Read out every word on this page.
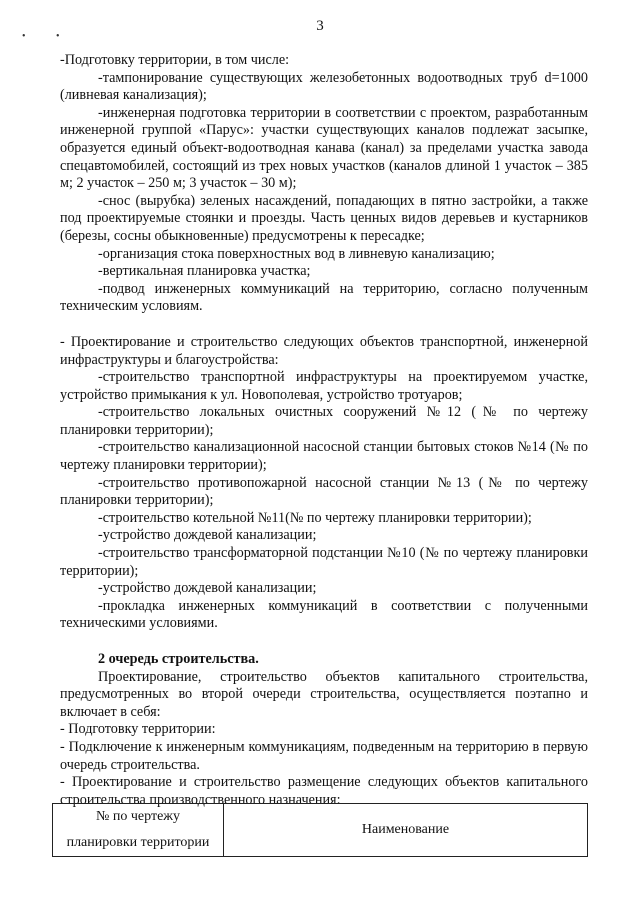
• •
3

-Подготовку территории, в том числе:

-тампонирование существующих железобетонных водоотводных труб d=1000 (ливневая канализация);

-инженерная подготовка территории в соответствии с проектом, разработанным инженерной группой «Парус»: участки существующих каналов подлежат засыпке, образуется единый объект-водоотводная канава (канал) за пределами участка завода спецавтомобилей, состоящий из трех новых участков (каналов длиной 1 участок – 385 м; 2 участок – 250 м; 3 участок – 30 м);

-снос (вырубка) зеленых насаждений, попадающих в пятно застройки, а также под проектируемые стоянки и проезды. Часть ценных видов деревьев и кустарников (березы, сосны обыкновенные) предусмотрены к пересадке;

-организация стока поверхностных вод в ливневую канализацию;

-вертикальная планировка участка;

-подвод инженерных коммуникаций на территорию, согласно полученным техническим условиям.

- Проектирование и строительство следующих объектов транспортной, инженерной инфраструктуры и благоустройства:

-строительство транспортной инфраструктуры на проектируемом участке, устройство примыкания к ул. Новополевая, устройство тротуаров;

-строительство локальных очистных сооружений №12 (№ по чертежу планировки территории);

-строительство канализационной насосной станции бытовых стоков №14 (№ по чертежу планировки территории);

-строительство противопожарной насосной станции №13 (№ по чертежу планировки территории);

-строительство котельной №11(№ по чертежу планировки территории);

-устройство дождевой канализации;

-строительство трансформаторной подстанции №10 (№ по чертежу планировки территории);

-устройство дождевой канализации;

-прокладка инженерных коммуникаций в соответствии с полученными техническими условиями.

2 очередь строительства.

Проектирование, строительство объектов капитального строительства, предусмотренных во второй очереди строительства, осуществляется поэтапно и включает в себя:

- Подготовку территории:

- Подключение к инженерным коммуникациям, подведенным на территорию в первую очередь строительства.

- Проектирование и строительство размещение следующих объектов капитального строительства производственного назначения:

№ по чертежу
планировки территории
	Наименование
